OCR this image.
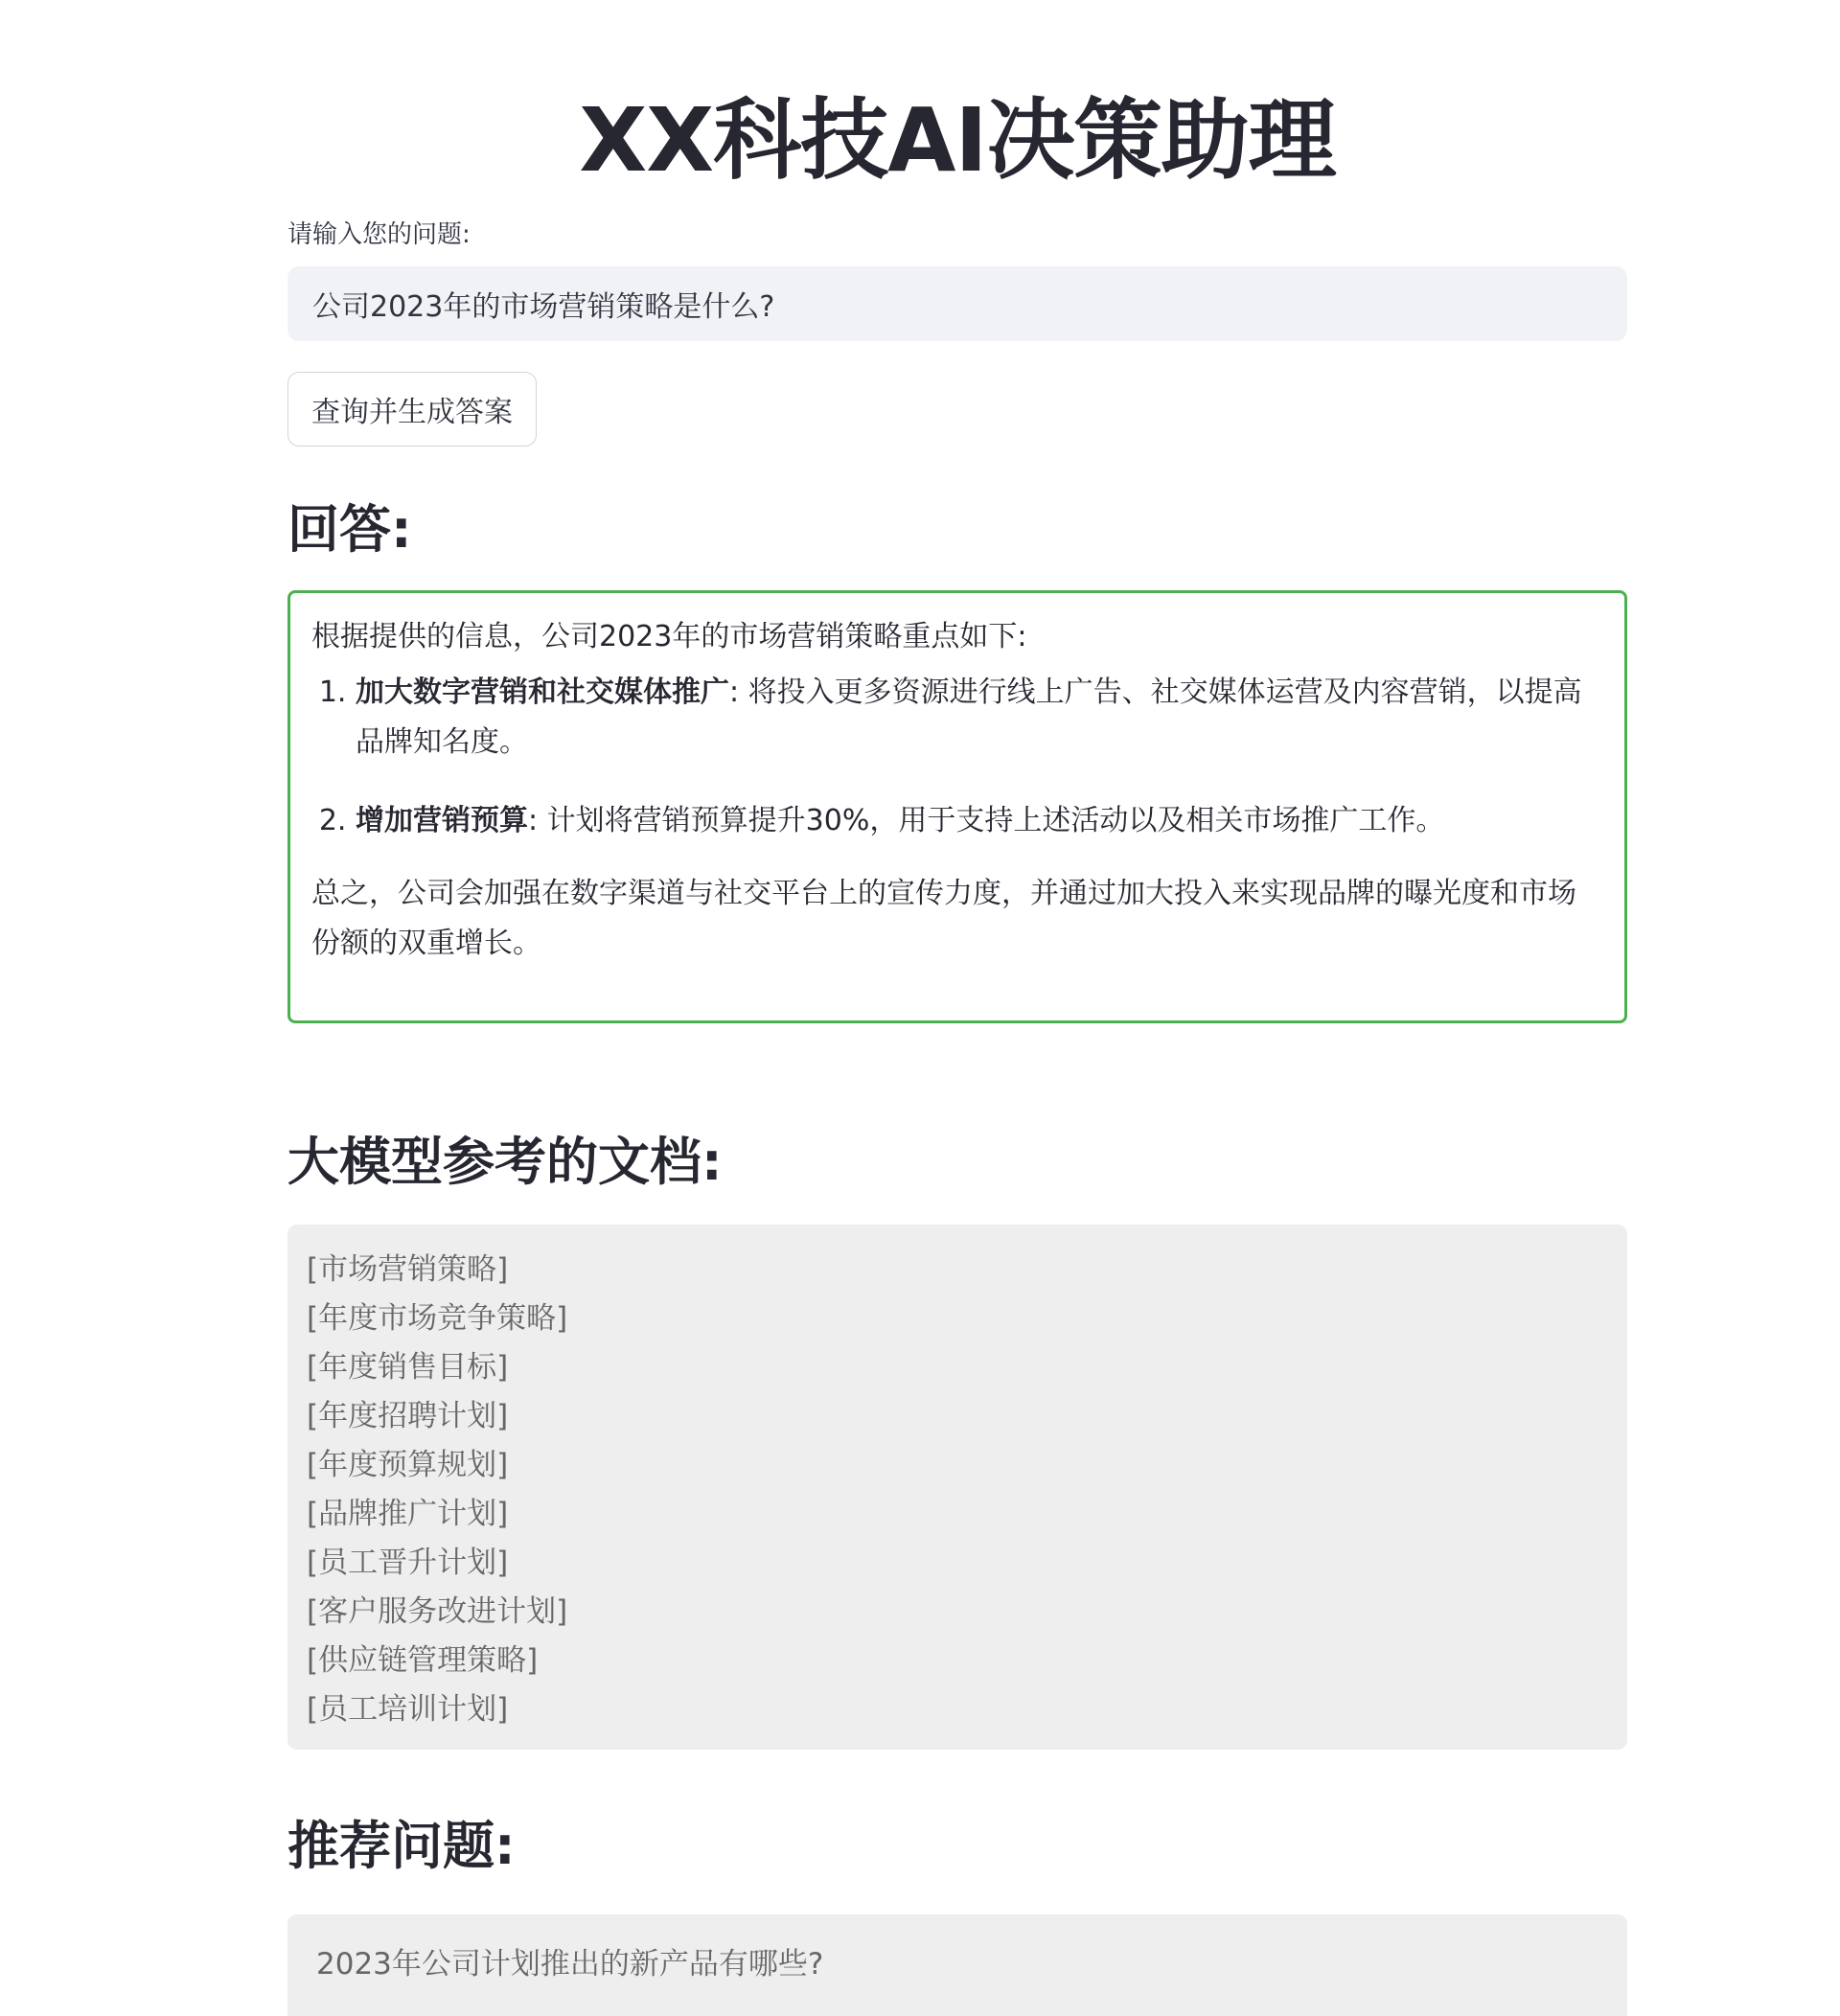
XX科技AI决策助理
请输入您的问题:
公司2023年的市场营销策略是什么? 查询并生成答案
回答:

根据提供的信息，公司2023年的市场营销策略重点如下:

1. 加大数字营销和社交媒体推广: 将投入更多资源进行线上广告、社交媒体运营及内容营销，以提高品牌知名度。
2. 增加营销预算: 计划将营销预算提升30%，用于支持上述活动以及相关市场推广工作。

总之，公司会加强在数字渠道与社交平台上的宣传力度，并通过加大投入来实现品牌的曝光度和市场份额的双重增长。

大模型参考的文档:
[市场营销策略]
[年度市场竞争策略]
[年度销售目标]
[年度招聘计划]
[年度预算规划]
[品牌推广计划]
[员工晋升计划]
[客户服务改进计划]
[供应链管理策略]
[员工培训计划]
推荐问题:
2023年公司计划推出的新产品有哪些?
